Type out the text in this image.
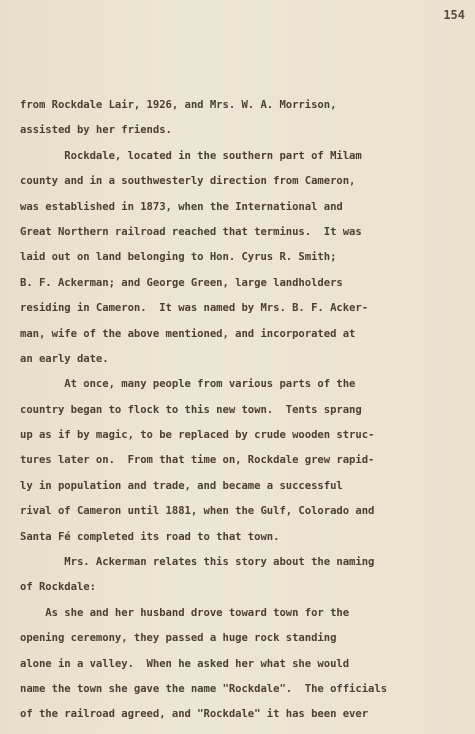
154
from Rockdale Lair, 1926, and Mrs. W. A. Morrison,
assisted by her friends.
Rockdale, located in the southern part of Milam
county and in a southwesterly direction from Cameron,
was established in 1873, when the International and
Great Northern railroad reached that terminus.  It was
laid out on land belonging to Hon. Cyrus R. Smith;
B. F. Ackerman; and George Green, large landholders
residing in Cameron.  It was named by Mrs. B. F. Acker-
man, wife of the above mentioned, and incorporated at
an early date.
At once, many people from various parts of the
country began to flock to this new town.  Tents sprang
up as if by magic, to be replaced by crude wooden struc-
tures later on.  From that time on, Rockdale grew rapid-
ly in population and trade, and became a successful
rival of Cameron until 1881, when the Gulf, Colorado and
Santa Fé completed its road to that town.
Mrs. Ackerman relates this story about the naming
of Rockdale:
As she and her husband drove toward town for the
opening ceremony, they passed a huge rock standing
alone in a valley.  When he asked her what she would
name the town she gave the name "Rockdale".  The officials
of the railroad agreed, and "Rockdale" it has been ever
